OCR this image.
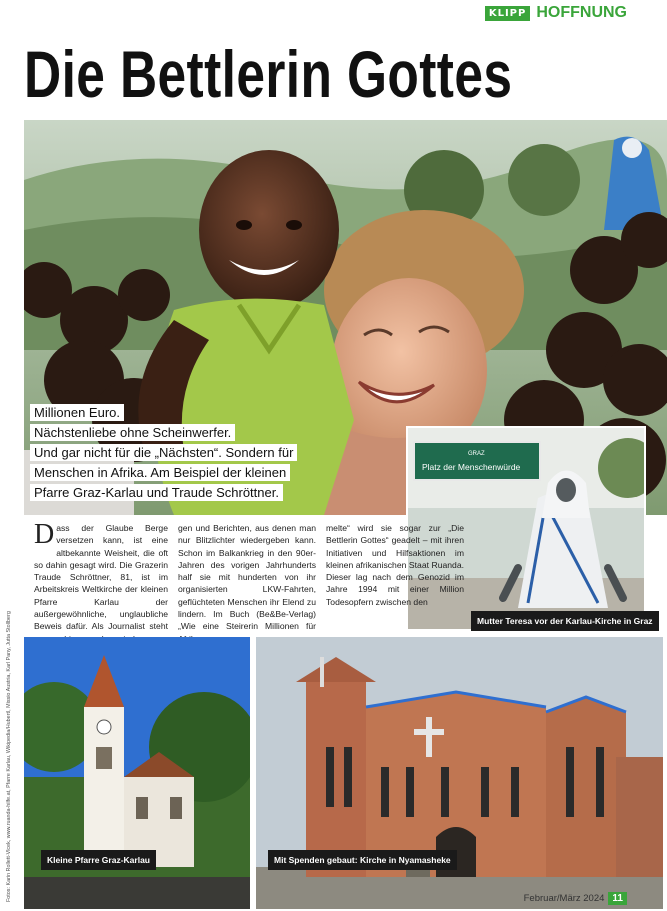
KLIPP HOFFNUNG
Die Bettlerin Gottes
Millionen Euro.
Nächstenliebe ohne Scheinwerfer.
Und gar nicht für die „Nächsten“. Sondern für
Menschen in Afrika. Am Beispiel der kleinen
Pfarre Graz-Karlau und Traude Schröttner.
GRAZ
Platz der Menschenwürde
Mutter Teresa vor der Karlau-Kirche in Graz
Dass der Glaube Berge versetzen kann, ist eine altbekannte Weisheit, die oft so dahin gesagt wird. Die Grazerin Traude Schröttner, 81, ist im Arbeitskreis Weltkirche der kleinen Pfarre Karlau der außergewöhnliche, unglaubliche Beweis dafür. Als Journalist steht
gen und Berichten, aus denen man nur Blitzlichter wiedergeben kann. Schon im Balkankrieg in den 90er-Jahren des vorigen Jahrhunderts half sie mit hunderten von ihr organisierten LKW-Fahrten, geflüchteten Menschen ihr Elend zu lindern. Im Buch (Be&Be-Verlag) „Wie eine Steirerin Millionen für
melte“ wird sie sogar zur „Die Bettlerin Gottes“ geadelt – mit ihren Initiativen und Hilfsaktionen im kleinen afrikanischen Staat Ruanda. Dieser lag nach dem Genozid im Jahre 1994 mit einer Million Todesopfern zwischen den
Kleine Pfarre Graz-Karlau	Mit Spenden gebaut: Kirche in Nyamasheke
Fotos: Karin Rollett-Vlcek, www.ruanda-hilfe.at, Pfarre Karlau, Wikipedia/Hubertl, Missio Austria, Karl Pany, Jutta Stollberg	Februar/März 2024 11
